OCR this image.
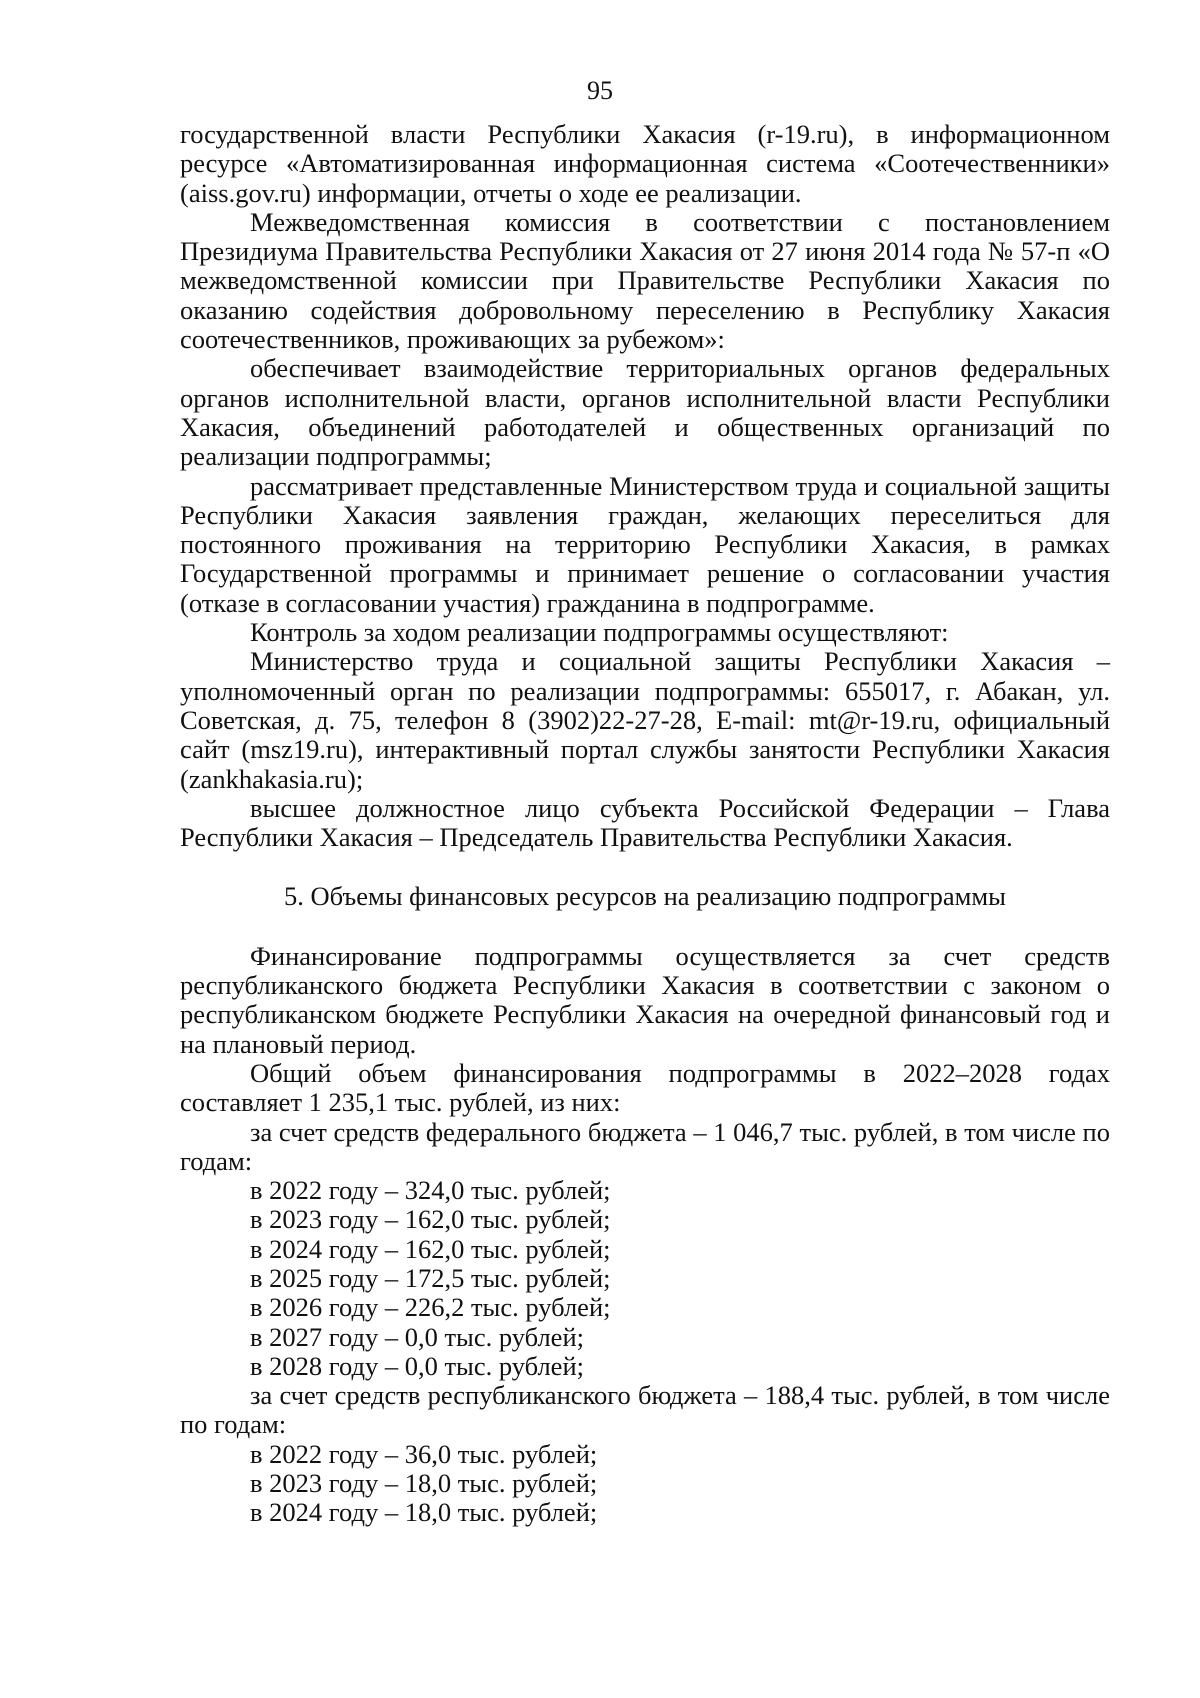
95

государственной власти Республики Хакасия (r-19.ru), в информационном ресурсе «Автоматизированная информационная система «Соотечественники» (aiss.gov.ru) информации, отчеты о ходе ее реализации.

Межведомственная комиссия в соответствии с постановлением Президиума Правительства Республики Хакасия от 27 июня 2014 года № 57-п «О межведомственной комиссии при Правительстве Республики Хакасия по оказанию содействия добровольному переселению в Республику Хакасия соотечественников, проживающих за рубежом»:

обеспечивает взаимодействие территориальных органов федеральных органов исполнительной власти, органов исполнительной власти Республики Хакасия, объединений работодателей и общественных организаций по реализации подпрограммы;

рассматривает представленные Министерством труда и социальной защиты Республики Хакасия заявления граждан, желающих переселиться для постоянного проживания на территорию Республики Хакасия, в рамках Государственной программы и принимает решение о согласовании участия (отказе в согласовании участия) гражданина в подпрограмме.

Контроль за ходом реализации подпрограммы осуществляют:

Министерство труда и социальной защиты Республики Хакасия – уполномоченный орган по реализации подпрограммы: 655017, г. Абакан, ул. Советская, д. 75, телефон 8 (3902)22-27-28, E-mail: mt@r-19.ru, официальный сайт (msz19.ru), интерактивный портал службы занятости Республики Хакасия (zankhakasia.ru);

высшее должностное лицо субъекта Российской Федерации – Глава Республики Хакасия – Председатель Правительства Республики Хакасия.

5. Объемы финансовых ресурсов на реализацию подпрограммы

Финансирование подпрограммы осуществляется за счет средств республиканского бюджета Республики Хакасия в соответствии с законом о республиканском бюджете Республики Хакасия на очередной финансовый год и на плановый период.

Общий объем финансирования подпрограммы в 2022–2028 годах составляет 1 235,1 тыс. рублей, из них:

за счет средств федерального бюджета – 1 046,7 тыс. рублей, в том числе по годам:

в 2022 году – 324,0 тыс. рублей;

в 2023 году – 162,0 тыс. рублей;

в 2024 году – 162,0 тыс. рублей;

в 2025 году – 172,5 тыс. рублей;

в 2026 году – 226,2 тыс. рублей;

в 2027 году – 0,0 тыс. рублей;

в 2028 году – 0,0 тыс. рублей;

за счет средств республиканского бюджета – 188,4 тыс. рублей, в том числе по годам:

в 2022 году – 36,0 тыс. рублей;

в 2023 году – 18,0 тыс. рублей;

в 2024 году – 18,0 тыс. рублей;
